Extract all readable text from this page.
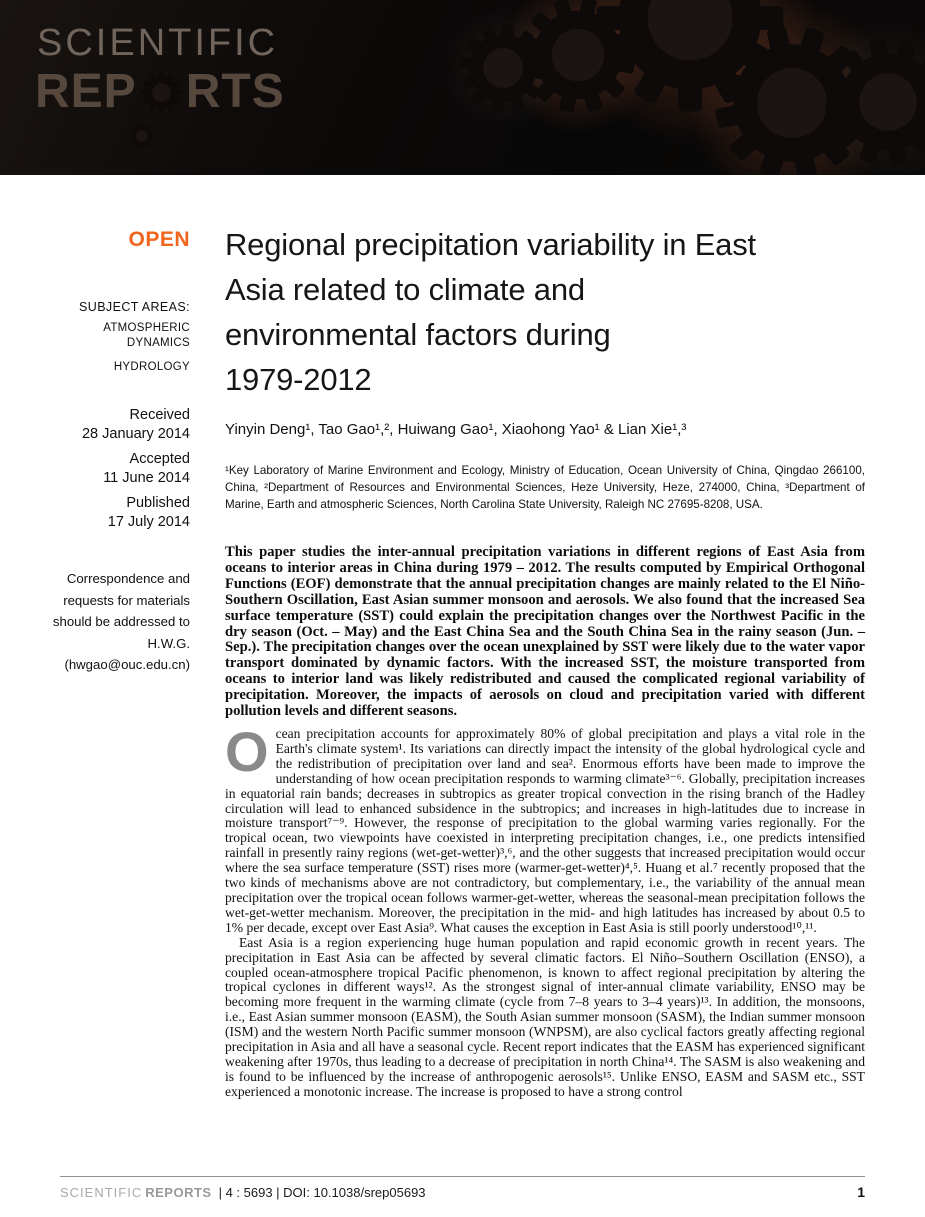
SCIENTIFIC
REP RTS
OPEN
SUBJECT AREAS:
ATMOSPHERIC DYNAMICS
HYDROLOGY
Received
28 January 2014
Accepted
11 June 2014
Published
17 July 2014
Correspondence and requests for materials should be addressed to H.W.G. (hwgao@ouc.edu.cn)
Regional precipitation variability in East
Asia related to climate and
environmental factors during
1979-2012
Yinyin Deng¹, Tao Gao¹,², Huiwang Gao¹, Xiaohong Yao¹ & Lian Xie¹,³
¹Key Laboratory of Marine Environment and Ecology, Ministry of Education, Ocean University of China, Qingdao 266100, China, ²Department of Resources and Environmental Sciences, Heze University, Heze, 274000, China, ³Department of Marine, Earth and atmospheric Sciences, North Carolina State University, Raleigh NC 27695-8208, USA.
This paper studies the inter-annual precipitation variations in different regions of East Asia from oceans to interior areas in China during 1979 – 2012. The results computed by Empirical Orthogonal Functions (EOF) demonstrate that the annual precipitation changes are mainly related to the El Niño-Southern Oscillation, East Asian summer monsoon and aerosols. We also found that the increased Sea surface temperature (SST) could explain the precipitation changes over the Northwest Pacific in the dry season (Oct. – May) and the East China Sea and the South China Sea in the rainy season (Jun. – Sep.). The precipitation changes over the ocean unexplained by SST were likely due to the water vapor transport dominated by dynamic factors. With the increased SST, the moisture transported from oceans to interior land was likely redistributed and caused the complicated regional variability of precipitation. Moreover, the impacts of aerosols on cloud and precipitation varied with different pollution levels and different seasons.

Ocean precipitation accounts for approximately 80% of global precipitation and plays a vital role in the Earth's climate system¹. Its variations can directly impact the intensity of the global hydrological cycle and the redistribution of precipitation over land and sea². Enormous efforts have been made to improve the understanding of how ocean precipitation responds to warming climate³⁻⁶. Globally, precipitation increases in equatorial rain bands; decreases in subtropics as greater tropical convection in the rising branch of the Hadley circulation will lead to enhanced subsidence in the subtropics; and increases in high-latitudes due to increase in moisture transport⁷⁻⁹. However, the response of precipitation to the global warming varies regionally. For the tropical ocean, two viewpoints have coexisted in interpreting precipitation changes, i.e., one predicts intensified rainfall in presently rainy regions (wet-get-wetter)³,⁶, and the other suggests that increased precipitation would occur where the sea surface temperature (SST) rises more (warmer-get-wetter)⁴,⁵. Huang et al.⁷ recently proposed that the two kinds of mechanisms above are not contradictory, but complementary, i.e., the variability of the annual mean precipitation over the tropical ocean follows warmer-get-wetter, whereas the seasonal-mean precipitation follows the wet-get-wetter mechanism. Moreover, the precipitation in the mid- and high latitudes has increased by about 0.5 to 1% per decade, except over East Asia⁹. What causes the exception in East Asia is still poorly understood¹⁰,¹¹.

East Asia is a region experiencing huge human population and rapid economic growth in recent years. The precipitation in East Asia can be affected by several climatic factors. El Niño–Southern Oscillation (ENSO), a coupled ocean-atmosphere tropical Pacific phenomenon, is known to affect regional precipitation by altering the tropical cyclones in different ways¹². As the strongest signal of inter-annual climate variability, ENSO may be becoming more frequent in the warming climate (cycle from 7–8 years to 3–4 years)¹³. In addition, the monsoons, i.e., East Asian summer monsoon (EASM), the South Asian summer monsoon (SASM), the Indian summer monsoon (ISM) and the western North Pacific summer monsoon (WNPSM), are also cyclical factors greatly affecting regional precipitation in Asia and all have a seasonal cycle. Recent report indicates that the EASM has experienced significant weakening after 1970s, thus leading to a decrease of precipitation in north China¹⁴. The SASM is also weakening and is found to be influenced by the increase of anthropogenic aerosols¹⁵. Unlike ENSO, EASM and SASM etc., SST experienced a monotonic increase. The increase is proposed to have a strong control

SCIENTIFIC REPORTS | 4 : 5693 | DOI: 10.1038/srep05693	1
